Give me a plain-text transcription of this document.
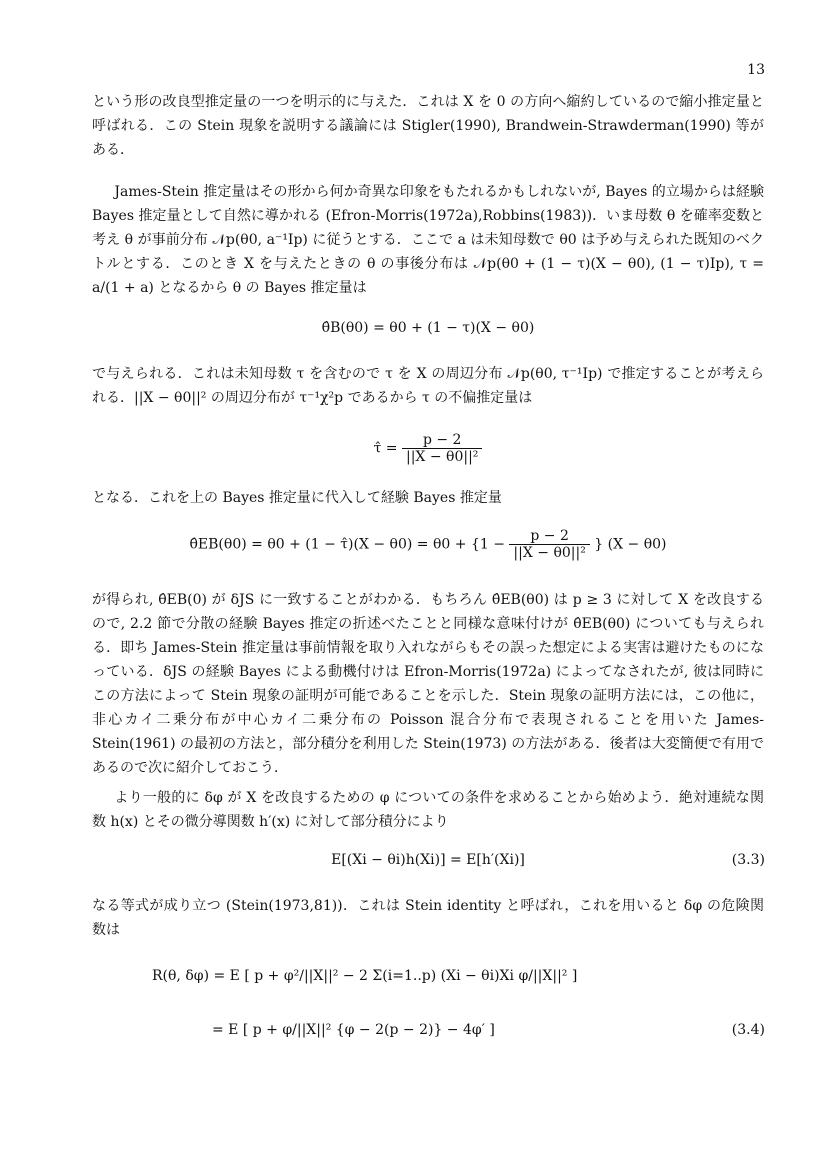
13

という形の改良型推定量の一つを明示的に与えた．これは X を 0 の方向へ縮約しているので縮小推定量と呼ばれる．この Stein 現象を説明する議論には Stigler(1990), Brandwein-Strawderman(1990) 等がある．

James-Stein 推定量はその形から何か奇異な印象をもたれるかもしれないが, Bayes 的立場からは経験 Bayes 推定量として自然に導かれる (Efron-Morris(1972a),Robbins(1983))．いま母数 θ を確率変数と考え θ が事前分布 𝒩p(θ0, a⁻¹Ip) に従うとする．ここで a は未知母数で θ0 は予め与えられた既知のベクトルとする．このとき X を与えたときの θ の事後分布は 𝒩p(θ0 + (1 − τ)(X − θ0), (1 − τ)Ip), τ = a/(1 + a) となるから θ の Bayes 推定量は

θ̂B(θ0) = θ0 + (1 − τ)(X − θ0)

で与えられる．これは未知母数 τ を含むので τ を X の周辺分布 𝒩p(θ0, τ⁻¹Ip) で推定することが考えられる．||X − θ0||² の周辺分布が τ⁻¹χ²p であるから τ の不偏推定量は

τ̂ = $\frac{p - 2}{\text{||X − θ0||²}}$

となる．これを上の Bayes 推定量に代入して経験 Bayes 推定量

θ̂EB(θ0) = θ0 + (1 − τ̂)(X − $\theta 0) = \theta 0 + \{1 - \frac{p - 2}{\text{||X − θ0||²}}$ } (X − θ0)

が得られ, θ̂EB(0) が δJS に一致することがわかる．もちろん θ̂EB(θ0) は p ≥ 3 に対して X を改良するので, 2.2 節で分散の経験 Bayes 推定の折述べたことと同様な意味付けが θ̂EB(θ0) についても与えられる．即ち James-Stein 推定量は事前情報を取り入れながらもその誤った想定による実害は避けたものになっている．δJS の経験 Bayes による動機付けは Efron-Morris(1972a) によってなされたが, 彼は同時にこの方法によって Stein 現象の証明が可能であることを示した．Stein 現象の証明方法には，この他に，非心カイ二乗分布が中心カイ二乗分布の Poisson 混合分布で表現されることを用いた James-Stein(1961) の最初の方法と，部分積分を利用した Stein(1973) の方法がある．後者は大変簡便で有用であるので次に紹介しておこう．

より一般的に δφ が X を改良するための φ についての条件を求めることから始めよう．絶対連続な関数 h(x) とその微分導関数 h′(x) に対して部分積分により

E[(Xi − θi)h(Xi)] = E[h′(Xi)]	(3.3)

なる等式が成り立つ (Stein(1973,81))．これは Stein identity と呼ばれ，これを用いると δφ の危険関数は

R(θ, δφ) = E [ p + φ²/||X||² − 2 Σ(i=1..p) (Xi − θi)Xi φ/||X||² ]
= E [ p + φ/||X||² {φ − 2(p − 2)} − 4φ′ ]	(3.4)
